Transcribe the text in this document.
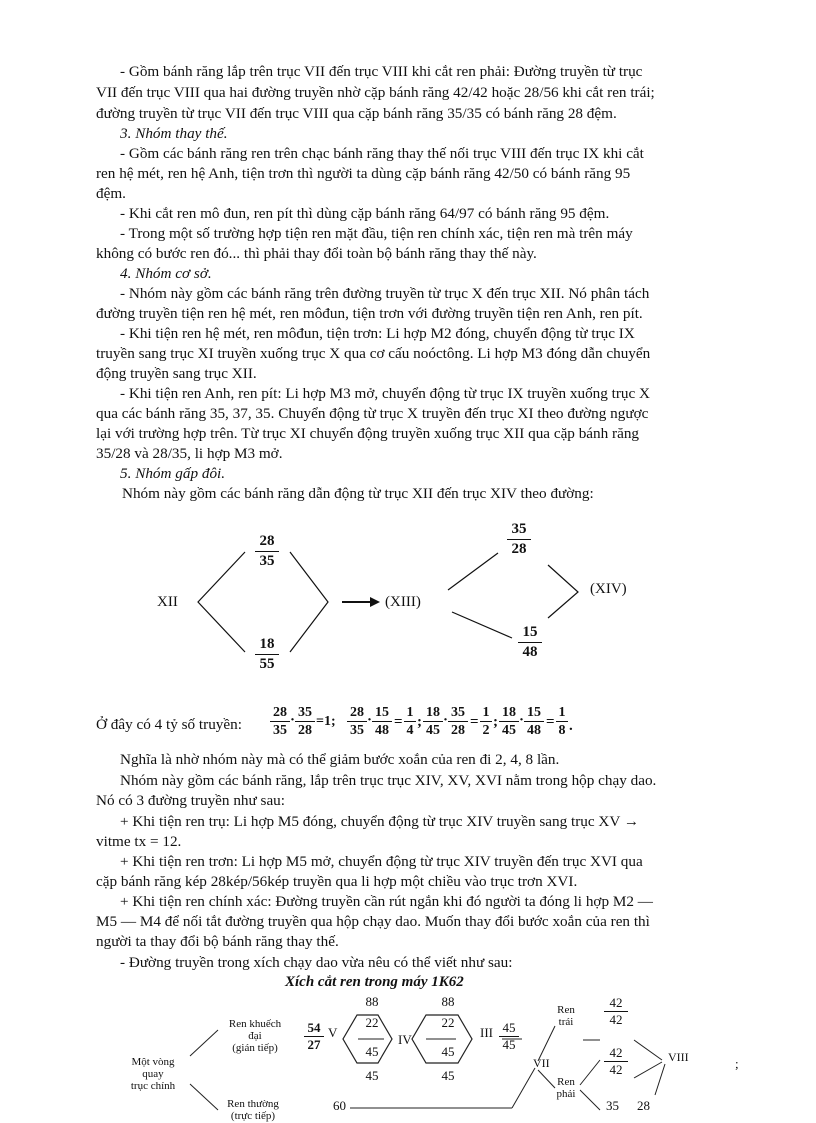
- Gồm bánh răng lắp trên trục VII đến trục VIII khi cắt ren phải: Đường truyền từ trục
VII đến trục VIII qua hai đường truyền nhờ cặp bánh răng 42/42 hoặc 28/56 khi cắt ren trái;
đường truyền từ trục VII đến trục VIII qua cặp bánh răng 35/35 có bánh răng 28 đệm.
3. Nhóm thay thế.
- Gồm các bánh răng ren trên chạc bánh răng thay thế nối trục VIII đến trục IX khi cắt
ren hệ mét, ren hệ Anh, tiện trơn thì người ta dùng cặp bánh răng 42/50 có bánh răng 95
đệm.
- Khi cắt ren mô đun, ren pít thì dùng cặp bánh răng 64/97 có bánh răng 95 đệm.
- Trong một số trường hợp tiện ren mặt đầu, tiện ren chính xác, tiện ren mà trên máy
không có bước ren đó... thì phải thay đổi toàn bộ bánh răng thay thế này.
4. Nhóm cơ sở.
- Nhóm này gồm các bánh răng trên đường truyền từ trục X đến trục XII. Nó phân tách
đường truyền tiện ren hệ mét, ren môđun, tiện trơn với đường truyền tiện ren Anh, ren pít.
- Khi tiện ren hệ mét, ren môđun, tiện trơn: Li hợp M2 đóng, chuyển động từ trục IX
truyền sang trục XI truyền xuống trục X qua cơ cấu noóctông. Li hợp M3 đóng dẫn chuyển
động truyền sang trục XII.
- Khi tiện ren Anh, ren pít: Li hợp M3 mở, chuyển động từ trục IX truyền xuống trục X
qua các bánh răng 35, 37, 35. Chuyển động từ trục X truyền đến trục XI theo đường ngược
lại với trường hợp trên. Từ trục XI chuyển động truyền xuống trục XII qua cặp bánh răng
35/28 và 28/35, li hợp M3 mở.
5. Nhóm gấp đôi.
Nhóm này gồm các bánh răng dẫn động từ trục XII đến trục XIV theo đường:
XII	(XIII)
(XIV)
28
35
18
55
35
28
15
48
Ở đây có 4 tỷ số truyền:
28
35
· 35
28
=1;
28
35
· 15
48
=
1
4
;
18
45
· 35
28
=
1
2
;
18
45
· 15
48
=
1
8 .
Nghĩa là nhờ nhóm này mà có thể giảm bước xoắn của ren đi 2, 4, 8 lần.
Nhóm này gồm các bánh răng, lắp trên trục trục XIV, XV, XVI nằm trong hộp chạy dao.
Nó có 3 đường truyền như sau:
+ Khi tiện ren trụ: Li hợp M5 đóng, chuyển động từ trục XIV truyền sang trục XV →
vitme tx = 12.
+ Khi tiện ren trơn: Li hợp M5 mở, chuyển động từ trục XIV truyền đến trục XVI qua
cặp bánh răng kép 28kép/56kép truyền qua li hợp một chiều vào trục trơn XVI.
+ Khi tiện ren chính xác: Đường truyền cần rút ngắn khi đó người ta đóng li hợp M2 —
M5 — M4 để nối tắt đường truyền qua hộp chạy dao. Muốn thay đổi bước xoắn của ren thì
người ta thay đổi bộ bánh răng thay thế.
- Đường truyền trong xích chạy dao vừa nêu có thể viết như sau:
Xích cắt ren trong máy 1K62
Một vòng
quay
trục chính
Ren khuếch
đại
(gián tiếp)
Ren thường
(trực tiếp)
54
27
V
88
22
45
45
IV
88
22
45
45
III 45
45
VII
Ren
trái
Ren
phải
42
42
42
42
35 28
VIII	;
60
